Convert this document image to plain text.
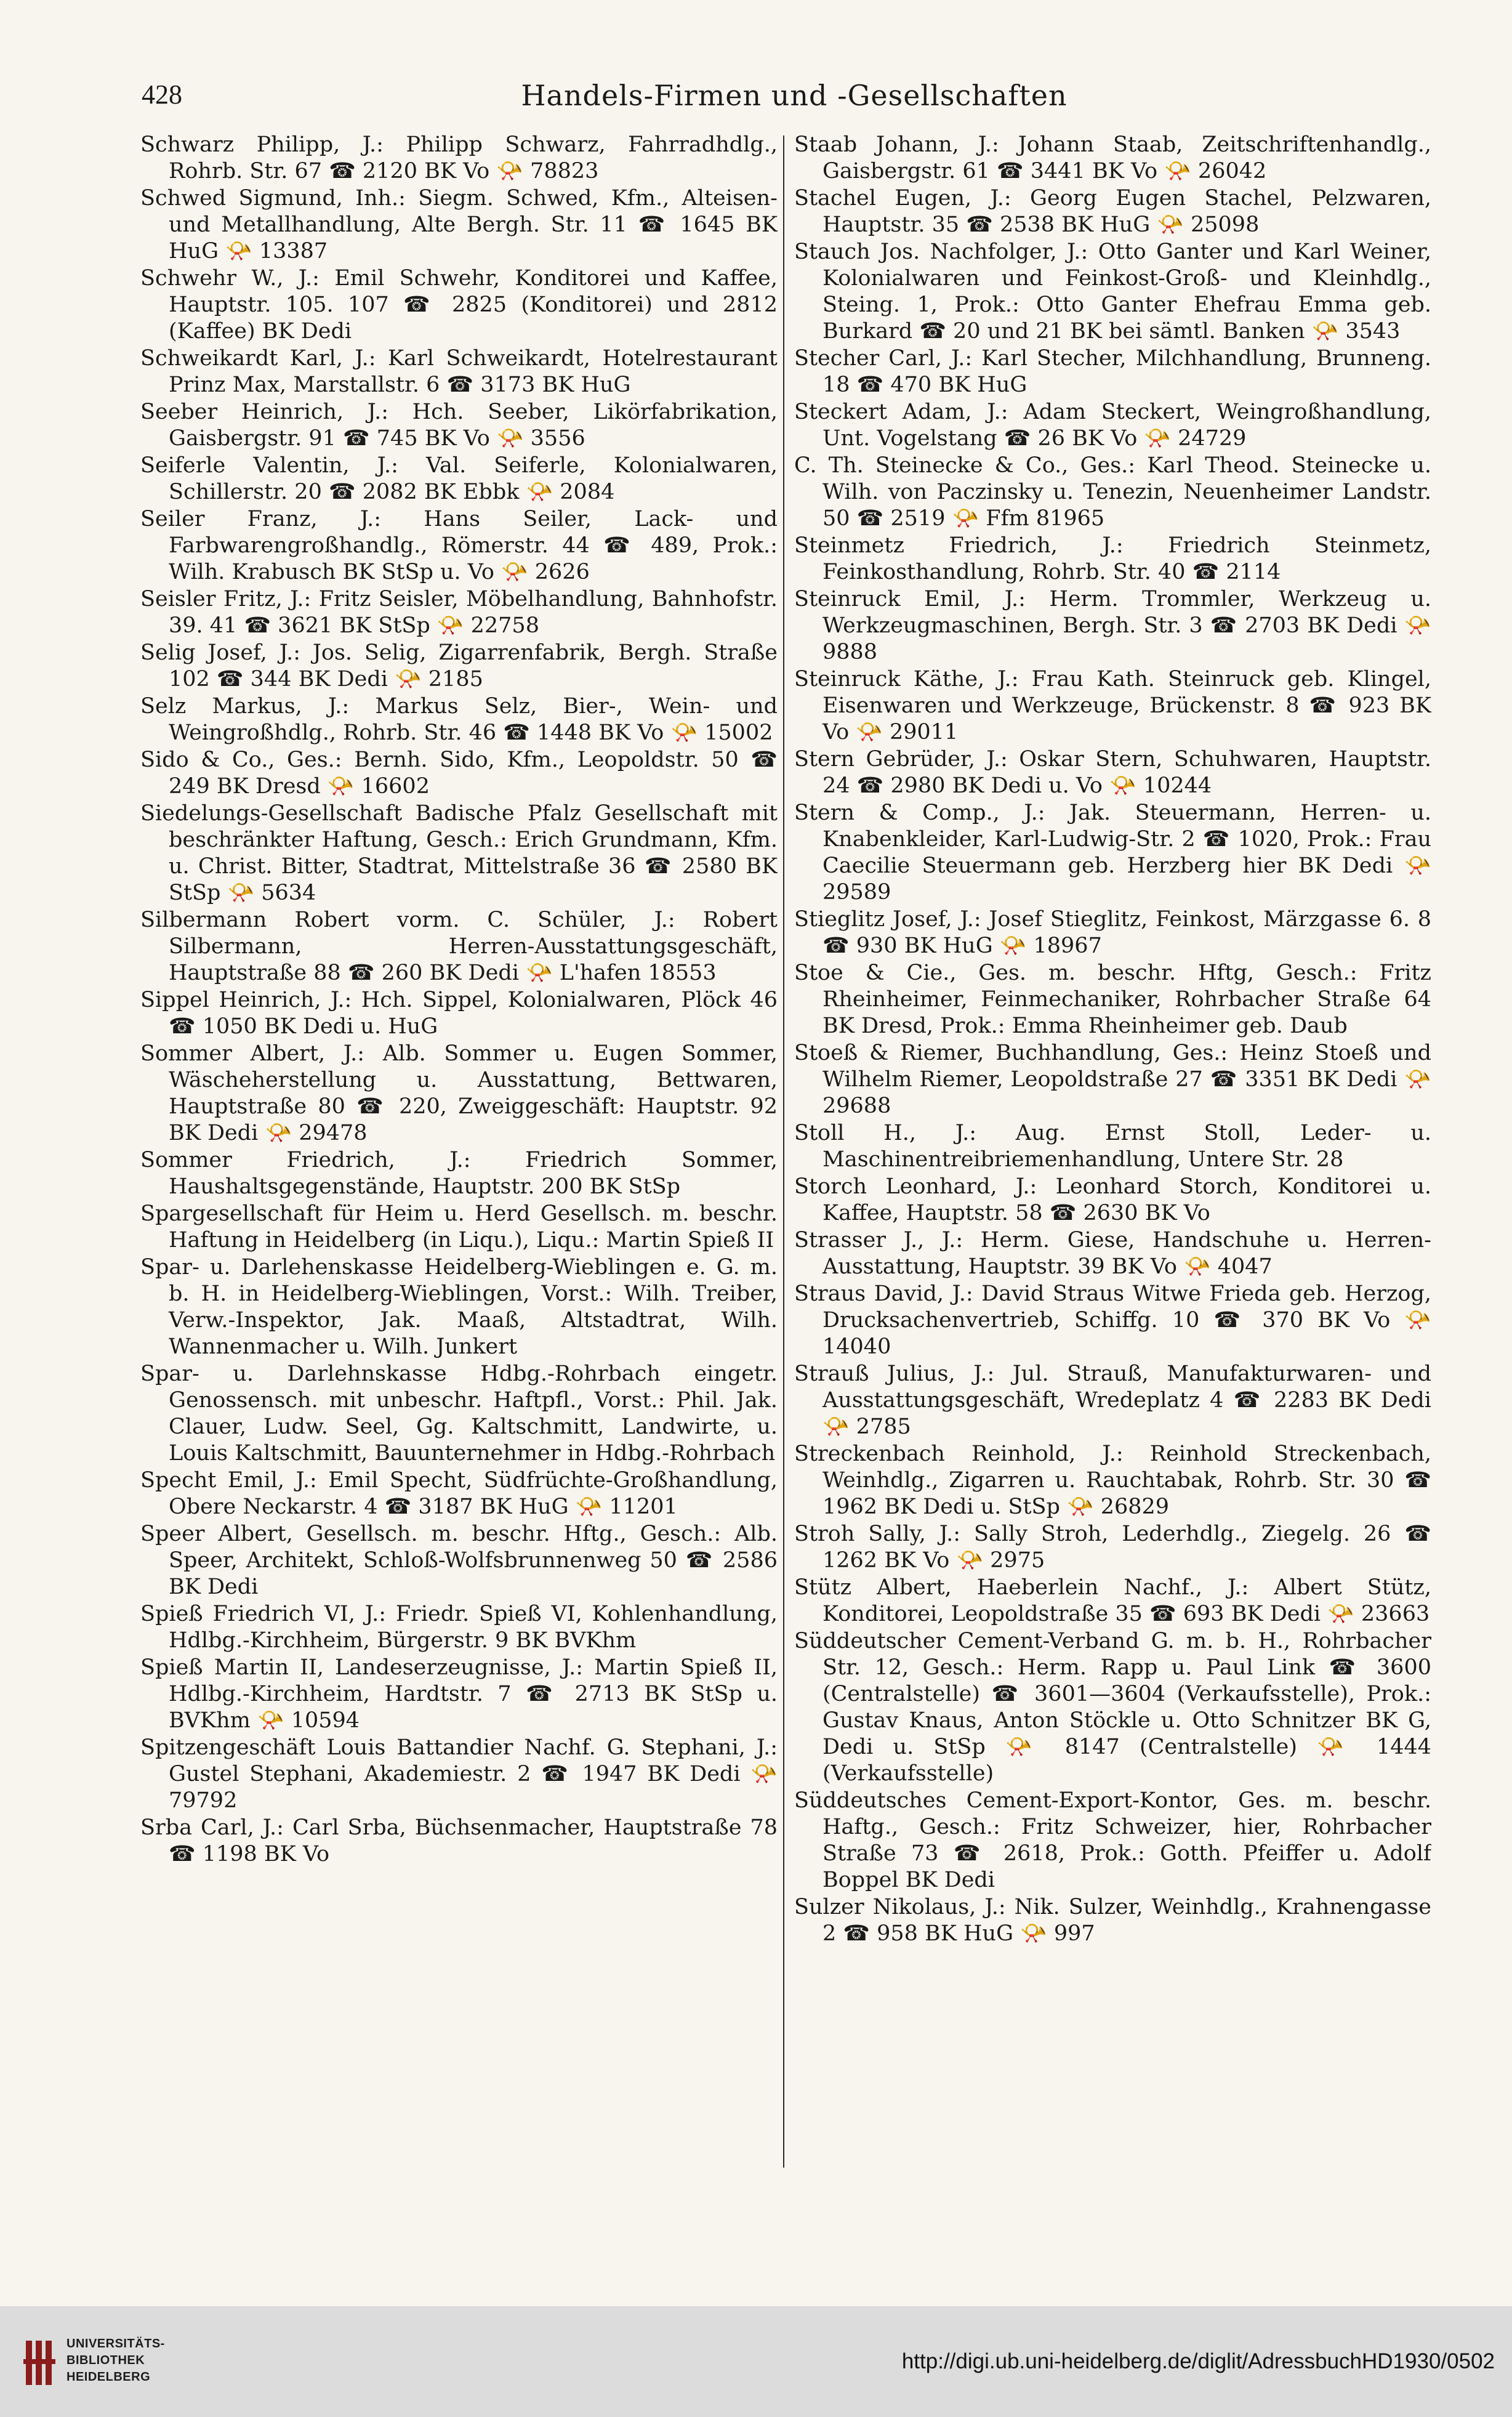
428	Handels-Firmen und -Gesellschaften

Schwarz Philipp, J.: Philipp Schwarz, Fahrradhdlg., Rohrb. Str. 67 ☎ 2120 BK Vo 📯 78823

Schwed Sigmund, Inh.: Siegm. Schwed, Kfm., Alteisen- und Metallhandlung, Alte Bergh. Str. 11 ☎ 1645 BK HuG 📯 13387

Schwehr W., J.: Emil Schwehr, Konditorei und Kaffee, Hauptstr. 105. 107 ☎ 2825 (Konditorei) und 2812 (Kaffee) BK Dedi

Schweikardt Karl, J.: Karl Schweikardt, Hotelrestaurant Prinz Max, Marstallstr. 6 ☎ 3173 BK HuG

Seeber Heinrich, J.: Hch. Seeber, Likörfabrikation, Gaisbergstr. 91 ☎ 745 BK Vo 📯 3556

Seiferle Valentin, J.: Val. Seiferle, Kolonialwaren, Schillerstr. 20 ☎ 2082 BK Ebbk 📯 2084

Seiler Franz, J.: Hans Seiler, Lack- und Farbwarengroßhandlg., Römerstr. 44 ☎ 489, Prok.: Wilh. Krabusch BK StSp u. Vo 📯 2626

Seisler Fritz, J.: Fritz Seisler, Möbelhandlung, Bahnhofstr. 39. 41 ☎ 3621 BK StSp 📯 22758

Selig Josef, J.: Jos. Selig, Zigarrenfabrik, Bergh. Straße 102 ☎ 344 BK Dedi 📯 2185

Selz Markus, J.: Markus Selz, Bier-, Wein- und Weingroßhdlg., Rohrb. Str. 46 ☎ 1448 BK Vo 📯 15002

Sido & Co., Ges.: Bernh. Sido, Kfm., Leopoldstr. 50 ☎ 249 BK Dresd 📯 16602

Siedelungs-Gesellschaft Badische Pfalz Gesellschaft mit beschränkter Haftung, Gesch.: Erich Grundmann, Kfm. u. Christ. Bitter, Stadtrat, Mittelstraße 36 ☎ 2580 BK StSp 📯 5634

Silbermann Robert vorm. C. Schüler, J.: Robert Silbermann, Herren-Ausstattungsgeschäft, Hauptstraße 88 ☎ 260 BK Dedi 📯 L'hafen 18553

Sippel Heinrich, J.: Hch. Sippel, Kolonialwaren, Plöck 46 ☎ 1050 BK Dedi u. HuG

Sommer Albert, J.: Alb. Sommer u. Eugen Sommer, Wäscheherstellung u. Ausstattung, Bettwaren, Hauptstraße 80 ☎ 220, Zweiggeschäft: Hauptstr. 92 BK Dedi 📯 29478

Sommer Friedrich, J.: Friedrich Sommer, Haushaltsgegenstände, Hauptstr. 200 BK StSp

Spargesellschaft für Heim u. Herd Gesellsch. m. beschr. Haftung in Heidelberg (in Liqu.), Liqu.: Martin Spieß II

Spar- u. Darlehenskasse Heidelberg-Wieblingen e. G. m. b. H. in Heidelberg-Wieblingen, Vorst.: Wilh. Treiber, Verw.-Inspektor, Jak. Maaß, Altstadtrat, Wilh. Wannenmacher u. Wilh. Junkert

Spar- u. Darlehnskasse Hdbg.-Rohrbach eingetr. Genossensch. mit unbeschr. Haftpfl., Vorst.: Phil. Jak. Clauer, Ludw. Seel, Gg. Kaltschmitt, Landwirte, u. Louis Kaltschmitt, Bauunternehmer in Hdbg.-Rohrbach

Specht Emil, J.: Emil Specht, Südfrüchte-Großhandlung, Obere Neckarstr. 4 ☎ 3187 BK HuG 📯 11201

Speer Albert, Gesellsch. m. beschr. Hftg., Gesch.: Alb. Speer, Architekt, Schloß-Wolfsbrunnenweg 50 ☎ 2586 BK Dedi

Spieß Friedrich VI, J.: Friedr. Spieß VI, Kohlenhandlung, Hdlbg.-Kirchheim, Bürgerstr. 9 BK BVKhm

Spieß Martin II, Landeserzeugnisse, J.: Martin Spieß II, Hdlbg.-Kirchheim, Hardtstr. 7 ☎ 2713 BK StSp u. BVKhm 📯 10594

Spitzengeschäft Louis Battandier Nachf. G. Stephani, J.: Gustel Stephani, Akademiestr. 2 ☎ 1947 BK Dedi 📯 79792

Srba Carl, J.: Carl Srba, Büchsenmacher, Hauptstraße 78 ☎ 1198 BK Vo

Staab Johann, J.: Johann Staab, Zeitschriftenhandlg., Gaisbergstr. 61 ☎ 3441 BK Vo 📯 26042

Stachel Eugen, J.: Georg Eugen Stachel, Pelzwaren, Hauptstr. 35 ☎ 2538 BK HuG 📯 25098

Stauch Jos. Nachfolger, J.: Otto Ganter und Karl Weiner, Kolonialwaren und Feinkost-Groß- und Kleinhdlg., Steing. 1, Prok.: Otto Ganter Ehefrau Emma geb. Burkard ☎ 20 und 21 BK bei sämtl. Banken 📯 3543

Stecher Carl, J.: Karl Stecher, Milchhandlung, Brunneng. 18 ☎ 470 BK HuG

Steckert Adam, J.: Adam Steckert, Weingroßhandlung, Unt. Vogelstang ☎ 26 BK Vo 📯 24729

C. Th. Steinecke & Co., Ges.: Karl Theod. Steinecke u. Wilh. von Paczinsky u. Tenezin, Neuenheimer Landstr. 50 ☎ 2519 📯 Ffm 81965

Steinmetz Friedrich, J.: Friedrich Steinmetz, Feinkosthandlung, Rohrb. Str. 40 ☎ 2114

Steinruck Emil, J.: Herm. Trommler, Werkzeug u. Werkzeugmaschinen, Bergh. Str. 3 ☎ 2703 BK Dedi 📯 9888

Steinruck Käthe, J.: Frau Kath. Steinruck geb. Klingel, Eisenwaren und Werkzeuge, Brückenstr. 8 ☎ 923 BK Vo 📯 29011

Stern Gebrüder, J.: Oskar Stern, Schuhwaren, Hauptstr. 24 ☎ 2980 BK Dedi u. Vo 📯 10244

Stern & Comp., J.: Jak. Steuermann, Herren- u. Knabenkleider, Karl-Ludwig-Str. 2 ☎ 1020, Prok.: Frau Caecilie Steuermann geb. Herzberg hier BK Dedi 📯 29589

Stieglitz Josef, J.: Josef Stieglitz, Feinkost, Märzgasse 6. 8 ☎ 930 BK HuG 📯 18967

Stoe & Cie., Ges. m. beschr. Hftg, Gesch.: Fritz Rheinheimer, Feinmechaniker, Rohrbacher Straße 64 BK Dresd, Prok.: Emma Rheinheimer geb. Daub

Stoeß & Riemer, Buchhandlung, Ges.: Heinz Stoeß und Wilhelm Riemer, Leopoldstraße 27 ☎ 3351 BK Dedi 📯 29688

Stoll H., J.: Aug. Ernst Stoll, Leder- u. Maschinentreibriemenhandlung, Untere Str. 28

Storch Leonhard, J.: Leonhard Storch, Konditorei u. Kaffee, Hauptstr. 58 ☎ 2630 BK Vo

Strasser J., J.: Herm. Giese, Handschuhe u. Herren-Ausstattung, Hauptstr. 39 BK Vo 📯 4047

Straus David, J.: David Straus Witwe Frieda geb. Herzog, Drucksachenvertrieb, Schiffg. 10 ☎ 370 BK Vo 📯 14040

Strauß Julius, J.: Jul. Strauß, Manufakturwaren- und Ausstattungsgeschäft, Wredeplatz 4 ☎ 2283 BK Dedi 📯 2785

Streckenbach Reinhold, J.: Reinhold Streckenbach, Weinhdlg., Zigarren u. Rauchtabak, Rohrb. Str. 30 ☎ 1962 BK Dedi u. StSp 📯 26829

Stroh Sally, J.: Sally Stroh, Lederhdlg., Ziegelg. 26 ☎ 1262 BK Vo 📯 2975

Stütz Albert, Haeberlein Nachf., J.: Albert Stütz, Konditorei, Leopoldstraße 35 ☎ 693 BK Dedi 📯 23663

Süddeutscher Cement-Verband G. m. b. H., Rohrbacher Str. 12, Gesch.: Herm. Rapp u. Paul Link ☎ 3600 (Centralstelle) ☎ 3601—3604 (Verkaufsstelle), Prok.: Gustav Knaus, Anton Stöckle u. Otto Schnitzer BK G, Dedi u. StSp 📯 8147 (Centralstelle) 📯 1444 (Verkaufsstelle)

Süddeutsches Cement-Export-Kontor, Ges. m. beschr. Haftg., Gesch.: Fritz Schweizer, hier, Rohrbacher Straße 73 ☎ 2618, Prok.: Gotth. Pfeiffer u. Adolf Boppel BK Dedi

Sulzer Nikolaus, J.: Nik. Sulzer, Weinhdlg., Krahnengasse 2 ☎ 958 BK HuG 📯 997

UNIVERSITÄTS-
BIBLIOTHEK
HEIDELBERG
http://digi.ub.uni-heidelberg.de/diglit/AdressbuchHD1930/0502
